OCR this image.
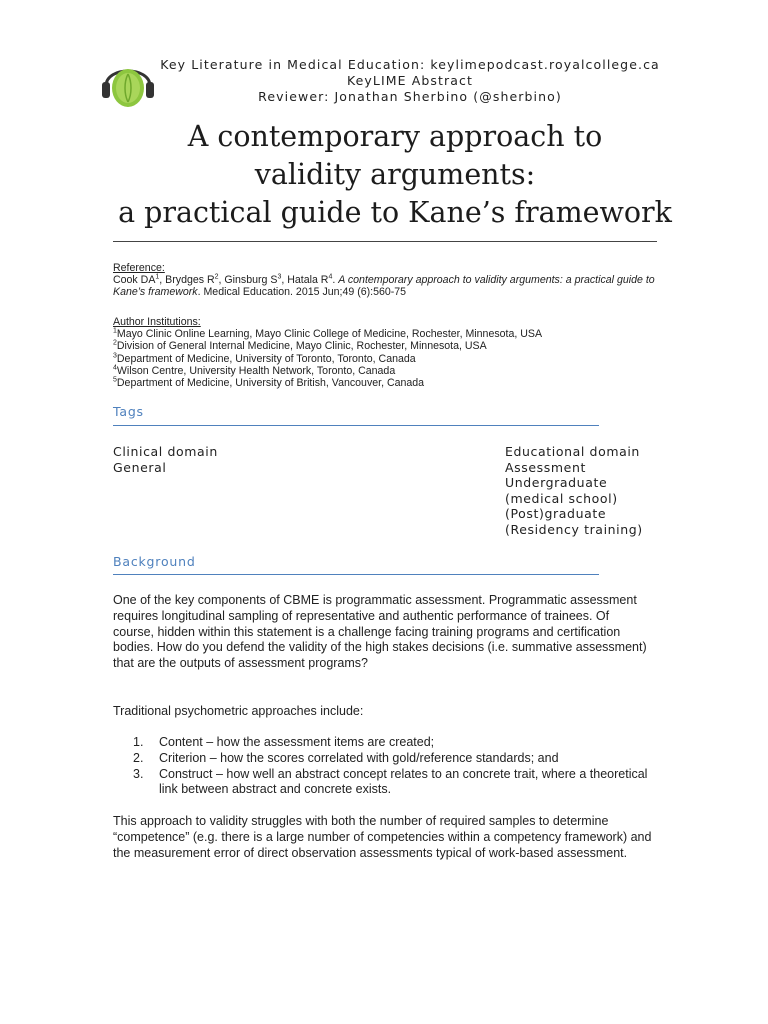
Key Literature in Medical Education: keylimepodcast.royalcollege.ca
KeyLIME Abstract
Reviewer: Jonathan Sherbino (@sherbino)
A contemporary approach to
validity arguments:
a practical guide to Kane’s framework
Reference:
Cook $DA^1$, Brydges $R^2$, Ginsburg $S^3$, Hatala $R^4$. A contemporary approach to validity arguments: a practical guide to Kane’s framework. Medical Education. 2015 Jun;49 (6):560-75
Author Institutions:
$^1$Mayo Clinic Online Learning, Mayo Clinic College of Medicine, Rochester, Minnesota, USA
$^2$Division of General Internal Medicine, Mayo Clinic, Rochester, Minnesota, USA
$^3$Department of Medicine, University of Toronto, Toronto, Canada
$^4$Wilson Centre, University Health Network, Toronto, Canada
$^5$Department of Medicine, University of British, Vancouver, Canada
Tags
Clinical domain
General
Educational domain
Assessment
Undergraduate
(medical school)
(Post)graduate
(Residency training)
Background
One of the key components of CBME is programmatic assessment. Programmatic assessment requires longitudinal sampling of representative and authentic performance of trainees. Of course, hidden within this statement is a challenge facing training programs and certification bodies. How do you defend the validity of the high stakes decisions (i.e. summative assessment) that are the outputs of assessment programs?
Traditional psychometric approaches include:
1. Content – how the assessment items are created;
2. Criterion – how the scores correlated with gold/reference standards; and
3. Construct – how well an abstract concept relates to an concrete trait, where a theoretical link between abstract and concrete exists.
This approach to validity struggles with both the number of required samples to determine “competence” (e.g. there is a large number of competencies within a competency framework) and the measurement error of direct observation assessments typical of work-based assessment.
